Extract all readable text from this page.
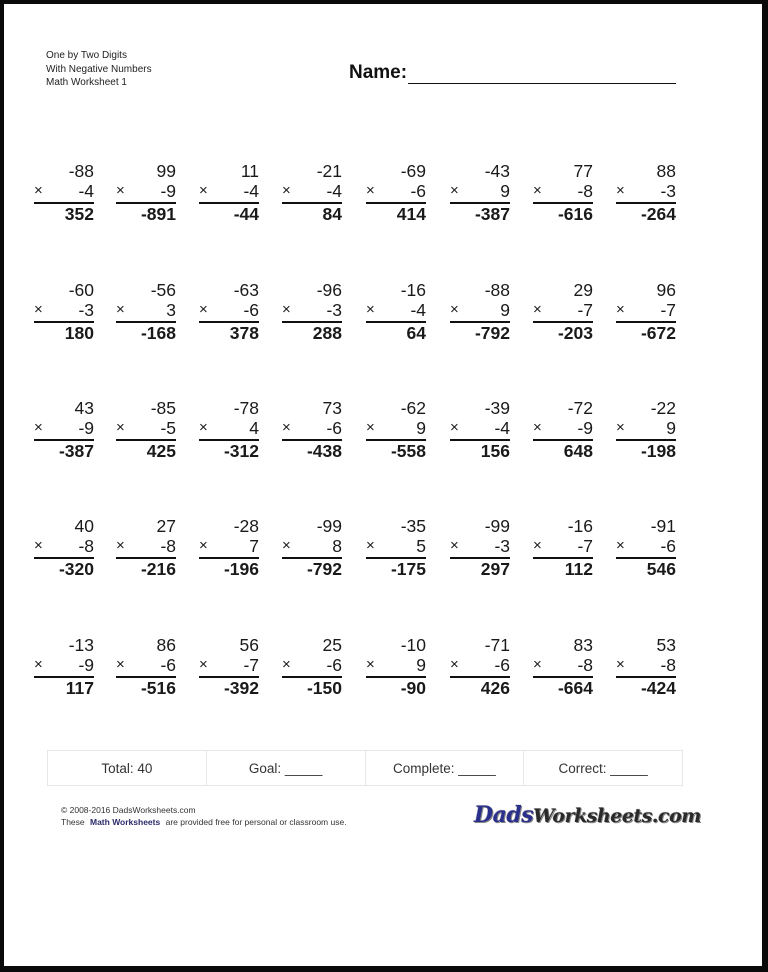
One by Two Digits
With Negative Numbers
Math Worksheet 1	Name:
-88
× -4
352
99
× -9
-891
11
× -4
-44
-21
× -4
84
-69
× -6
414
-43
× 9
-387
77
× -8
-616
88
× -3
-264
-60
× -3
180
-56
× 3
-168
-63
× -6
378
-96
× -3
288
-16
× -4
64
-88
× 9
-792
29
× -7
-203
96
× -7
-672
43
× -9
-387
-85
× -5
425
-78
× 4
-312
73
× -6
-438
-62
× 9
-558
-39
× -4
156
-72
× -9
648
-22
× 9
-198
40
× -8
-320
27
× -8
-216
-28
× 7
-196
-99
× 8
-792
-35
× 5
-175
-99
× -3
297
-16
× -7
112
-91
× -6
546
-13
× -9
117
86
× -6
-516
56
× -7
-392
25
× -6
-150
-10
× 9
-90
-71
× -6
426
83
× -8
-664
53
× -8
-424
Total: 40	Goal: _____	Complete: _____	Correct: _____
© 2008-2016 DadsWorksheets.com
These Math Worksheets are provided free for personal or classroom use.	DadsWorksheets.com
